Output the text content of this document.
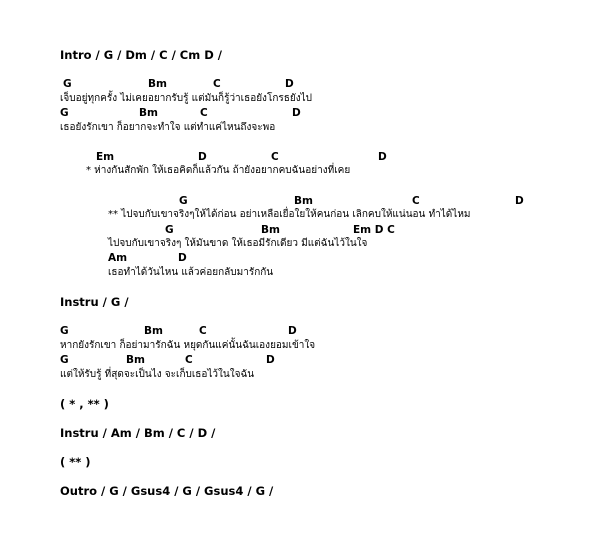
Intro / G / Dm / C / Cm D /
G	Bm	C	D
เจ็บอยู่ทุกครั้ง ไม่เคยอยากรับรู้ แต่มันก็รู้ว่าเธอยังโกรธยังไป
G	Bm	C	D
เธอยังรักเขา ก็อยากจะทำใจ แต่ทำแค่ไหนถึงจะพอ
Em	D	C	D
* ห่างกันสักพัก ให้เธอคิดก็แล้วกัน ถ้ายังอยากคบฉันอย่างที่เคย
G	Bm	C	D
** ไปจบกับเขาจริงๆให้ได้ก่อน อย่าเหลือเยื่อใยให้คนก่อน เลิกคบให้แน่นอน ทำได้ไหม
G	Bm	Em D C
ไปจบกับเขาจริงๆ ให้มันขาด ให้เธอมีรักเดียว มีแต่ฉันไว้ในใจ
Am	D
เธอทำได้วันไหน แล้วค่อยกลับมารักกัน
Instru / G /
G	Bm	C	D
หากยังรักเขา ก็อย่ามารักฉัน หยุดกันแค่นั้นฉันเองยอมเข้าใจ
G	Bm	C	D
แต่ให้รับรู้ ที่สุดจะเป็นไง จะเก็บเธอไว้ในใจฉัน
( * , ** )
Instru / Am / Bm / C / D /
( ** )
Outro / G / Gsus4 / G / Gsus4 / G /
